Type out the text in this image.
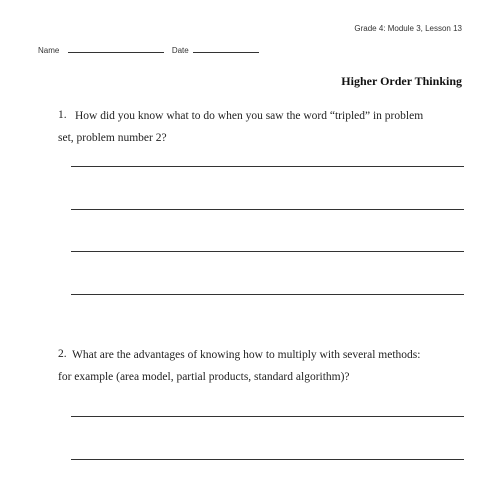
Grade 4: Module 3, Lesson 13
Name	Date
Higher Order Thinking
1. How did you know what to do when you saw the word “tripled” in problem
set, problem number 2?
2. What are the advantages of knowing how to multiply with several methods:
for example (area model, partial products, standard algorithm)?
